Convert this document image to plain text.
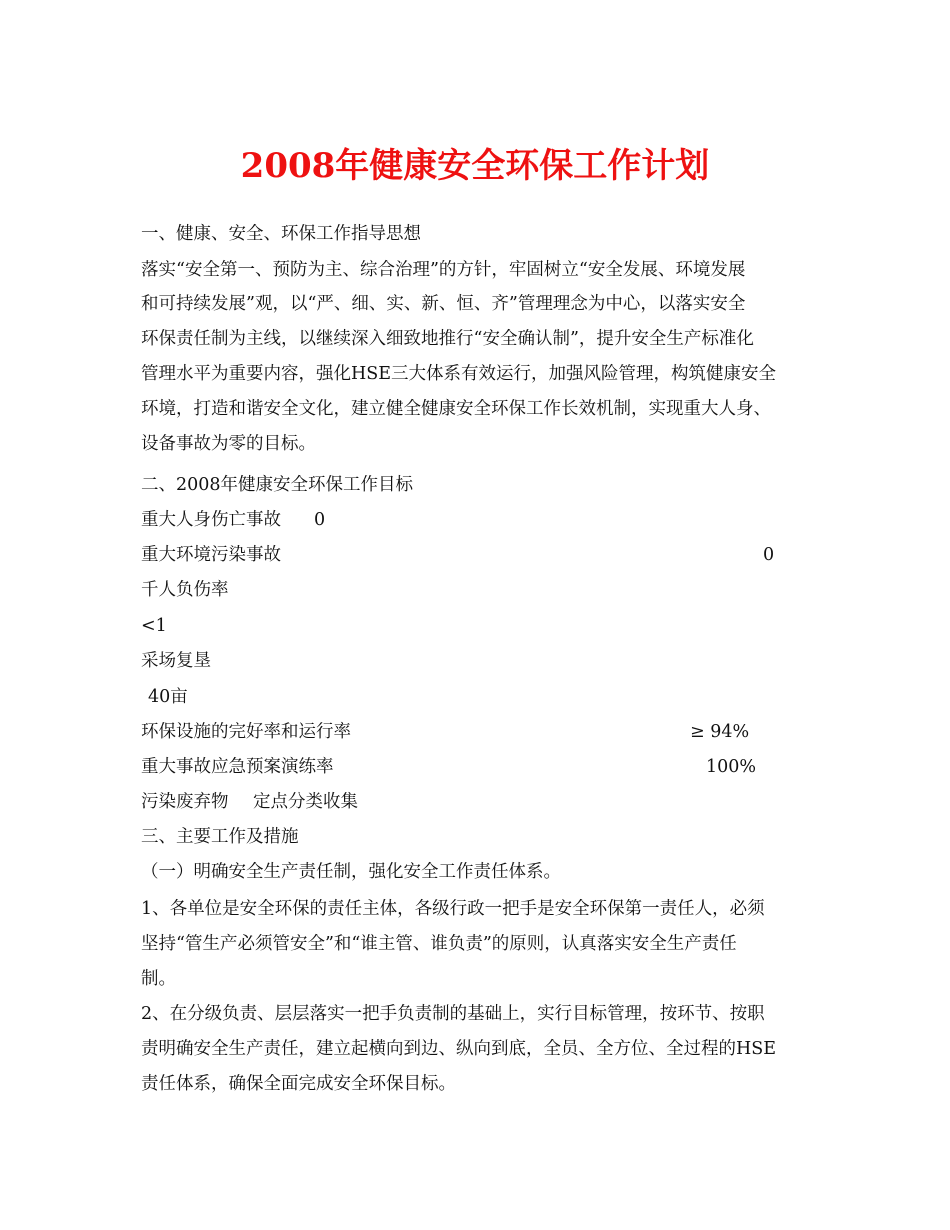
2008年健康安全环保工作计划
一、健康、安全、环保工作指导思想
落实“安全第一、预防为主、综合治理”的方针，牢固树立“安全发展、环境发展
和可持续发展”观，以“严、细、实、新、恒、齐”管理理念为中心，以落实安全
环保责任制为主线，以继续深入细致地推行“安全确认制”，提升安全生产标准化
管理水平为重要内容，强化HSE三大体系有效运行，加强风险管理，构筑健康安全
环境，打造和谐安全文化，建立健全健康安全环保工作长效机制，实现重大人身、
设备事故为零的目标。
二、2008年健康安全环保工作目标
重大人身伤亡事故 0
重大环境污染事故	0
千人负伤率
<1
采场复垦
40亩
环保设施的完好率和运行率	≥ 94%
重大事故应急预案演练率	100%
污染废弃物 定点分类收集
三、主要工作及措施
（一）明确安全生产责任制，强化安全工作责任体系。
1、各单位是安全环保的责任主体，各级行政一把手是安全环保第一责任人，必须
坚持“管生产必须管安全”和“谁主管、谁负责”的原则，认真落实安全生产责任
制。
2、在分级负责、层层落实一把手负责制的基础上，实行目标管理，按环节、按职
责明确安全生产责任，建立起横向到边、纵向到底，全员、全方位、全过程的HSE
责任体系，确保全面完成安全环保目标。
